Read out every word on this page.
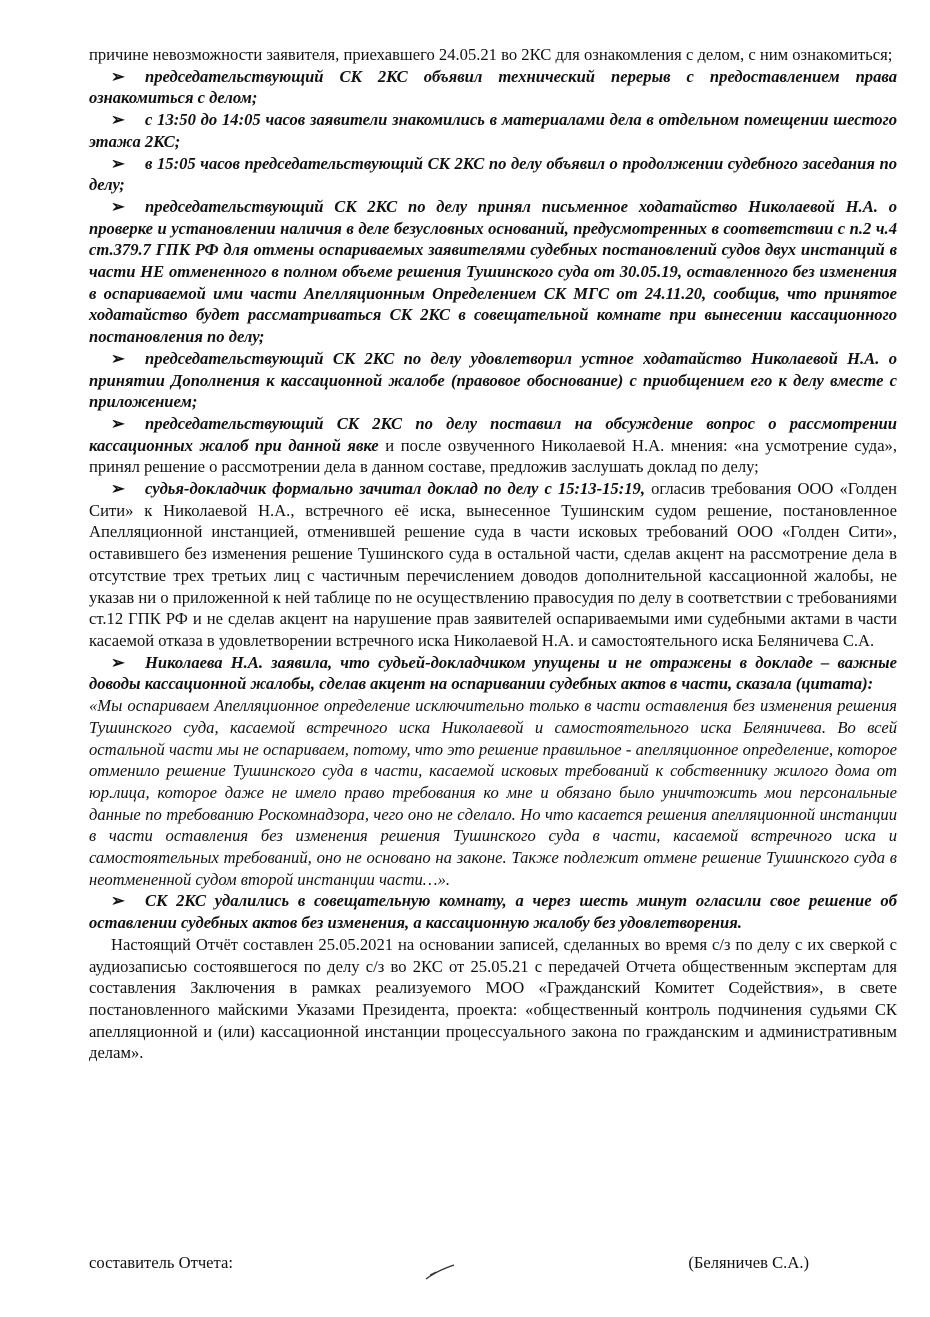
причине невозможности заявителя, приехавшего 24.05.21 во 2КС для ознакомления с делом, с ним ознакомиться;

➢ председательствующий СК 2КС объявил технический перерыв с предоставлением права ознакомиться с делом;

➢ с 13:50 до 14:05 часов заявители знакомились в материалами дела в отдельном помещении шестого этажа 2КС;

➢ в 15:05 часов председательствующий СК 2КС по делу объявил о продолжении судебного заседания по делу;

➢ председательствующий СК 2КС по делу принял письменное ходатайство Николаевой Н.А. о проверке и установлении наличия в деле безусловных оснований, предусмотренных в соответствии с п.2 ч.4 ст.379.7 ГПК РФ для отмены оспариваемых заявителями судебных постановлений судов двух инстанций в части НЕ отмененного в полном объеме решения Тушинского суда от 30.05.19, оставленного без изменения в оспариваемой ими части Апелляционным Определением СК МГС от 24.11.20, сообщив, что принятое ходатайство будет рассматриваться СК 2КС в совещательной комнате при вынесении кассационного постановления по делу;

➢ председательствующий СК 2КС по делу удовлетворил устное ходатайство Николаевой Н.А. о принятии Дополнения к кассационной жалобе (правовое обоснование) с приобщением его к делу вместе с приложением;

➢ председательствующий СК 2КС по делу поставил на обсуждение вопрос о рассмотрении кассационных жалоб при данной явке и после озвученного Николаевой Н.А. мнения: «на усмотрение суда», принял решение о рассмотрении дела в данном составе, предложив заслушать доклад по делу;

➢ судья-докладчик формально зачитал доклад по делу с 15:13-15:19, огласив требования ООО «Голден Сити» к Николаевой Н.А., встречного её иска, вынесенное Тушинским судом решение, постановленное Апелляционной инстанцией, отменившей решение суда в части исковых требований ООО «Голден Сити», оставившего без изменения решение Тушинского суда в остальной части, сделав акцент на рассмотрение дела в отсутствие трех третьих лиц с частичным перечислением доводов дополнительной кассационной жалобы, не указав ни о приложенной к ней таблице по не осуществлению правосудия по делу в соответствии с требованиями ст.12 ГПК РФ и не сделав акцент на нарушение прав заявителей оспариваемыми ими судебными актами в части касаемой отказа в удовлетворении встречного иска Николаевой Н.А. и самостоятельного иска Беляничева С.А.

➢ Николаева Н.А. заявила, что судьей-докладчиком упущены и не отражены в докладе – важные доводы кассационной жалобы, сделав акцент на оспаривании судебных актов в части, сказала (цитата):

«Мы оспариваем Апелляционное определение исключительно только в части оставления без изменения решения Тушинского суда, касаемой встречного иска Николаевой и самостоятельного иска Беляничева. Во всей остальной части мы не оспариваем, потому, что это решение правильное - апелляционное определение, которое отменило решение Тушинского суда в части, касаемой исковых требований к собственнику жилого дома от юр.лица, которое даже не имело право требования ко мне и обязано было уничтожить мои персональные данные по требованию Роскомнадзора, чего оно не сделало. Но что касается решения апелляционной инстанции в части оставления без изменения решения Тушинского суда в части, касаемой встречного иска и самостоятельных требований, оно не основано на законе. Также подлежит отмене решение Тушинского суда в неотмененной судом второй инстанции части…».

➢ СК 2КС удалились в совещательную комнату, а через шесть минут огласили свое решение об оставлении судебных актов без изменения, а кассационную жалобу без удовлетворения.

Настоящий Отчёт составлен 25.05.2021 на основании записей, сделанных во время с/з по делу с их сверкой с аудиозаписью состоявшегося по делу с/з во 2КС от 25.05.21 с передачей Отчета общественным экспертам для составления Заключения в рамках реализуемого МОО «Гражданский Комитет Содействия», в свете постановленного майскими Указами Президента, проекта: «общественный контроль подчинения судьями СК апелляционной и (или) кассационной инстанции процессуального закона по гражданским и административным делам».

составитель Отчета:	(Беляничев С.А.)
